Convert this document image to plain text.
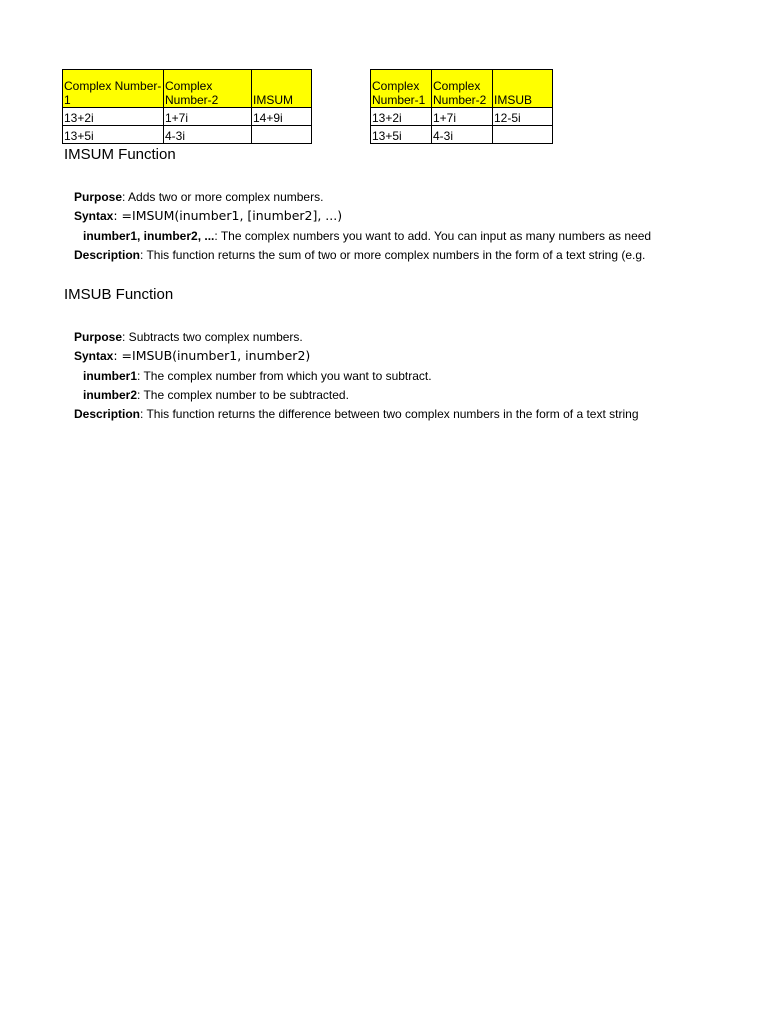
Complex Number-1	Complex Number-2	IMSUM
13+2i	1+7i	14+9i
13+5i	4-3i	
Complex Number-1	Complex Number-2	IMSUB
13+2i	1+7i	12-5i
13+5i	4-3i	
IMSUM Function
Purpose: Adds two or more complex numbers.
Syntax: =IMSUM(inumber1, [inumber2], ...)
inumber1, inumber2, ...: The complex numbers you want to add. You can input as many numbers as need
Description: This function returns the sum of two or more complex numbers in the form of a text string (e.g.
IMSUB Function
Purpose: Subtracts two complex numbers.
Syntax: =IMSUB(inumber1, inumber2)
inumber1: The complex number from which you want to subtract.
inumber2: The complex number to be subtracted.
Description: This function returns the difference between two complex numbers in the form of a text string
